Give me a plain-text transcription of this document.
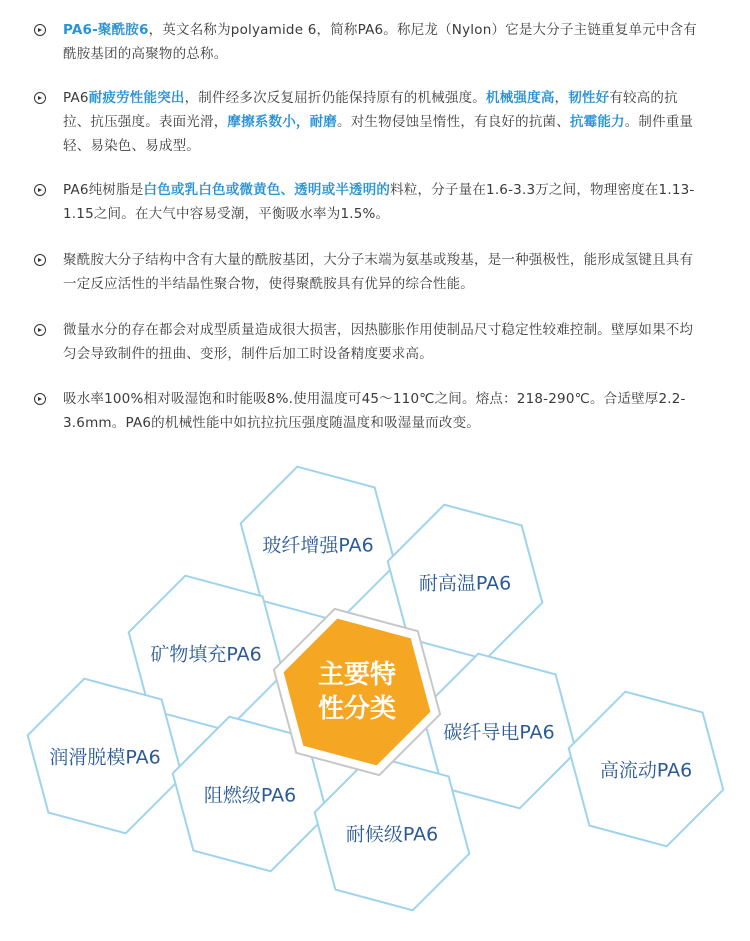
PA6-聚酰胺6，英文名称为polyamide 6，简称PA6。称尼龙（Nylon）它是大分子主链重复单元中含有酰胺基团的高聚物的总称。
PA6耐疲劳性能突出，制件经多次反复屈折仍能保持原有的机械强度。机械强度高，韧性好有较高的抗拉、抗压强度。表面光滑，摩擦系数小，耐磨。对生物侵蚀呈惰性，有良好的抗菌、抗霉能力。制件重量轻、易染色、易成型。
PA6纯树脂是白色或乳白色或微黄色、透明或半透明的料粒，分子量在1.6-3.3万之间，物理密度在1.13-1.15之间。在大气中容易受潮，平衡吸水率为1.5%。
聚酰胺大分子结构中含有大量的酰胺基团，大分子末端为氨基或羧基，是一种强极性，能形成氢键且具有一定反应活性的半结晶性聚合物，使得聚酰胺具有优异的综合性能。
微量水分的存在都会对成型质量造成很大损害，因热膨胀作用使制品尺寸稳定性较难控制。壁厚如果不均匀会导致制件的扭曲、变形，制件后加工时设备精度要求高。
吸水率100%相对吸湿饱和时能吸8%.使用温度可45～110℃之间。熔点：218-290℃。合适壁厚2.2-3.6mm。PA6的机械性能中如抗拉抗压强度随温度和吸湿量而改变。
玻纤增强PA6
耐高温PA6
矿物填充PA6
碳纤导电PA6
高流动PA6
润滑脱模PA6
阻燃级PA6
耐候级PA6
主要特
性分类
